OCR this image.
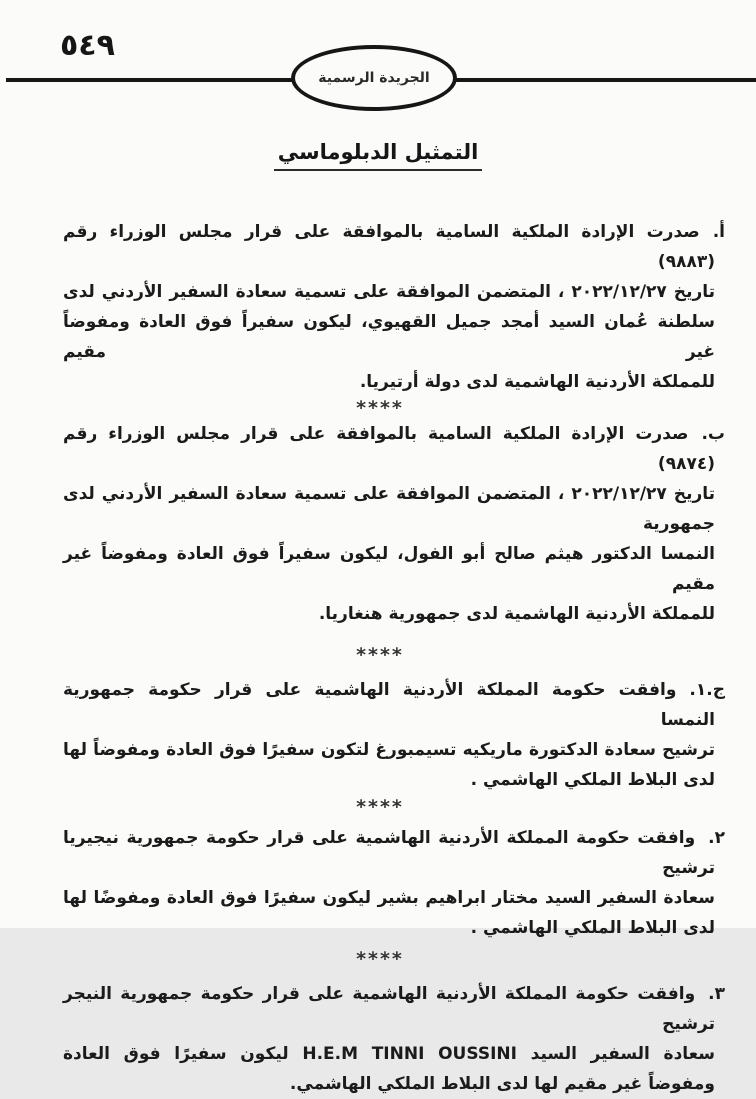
٥٤٩
الجريدة الرسمية
التمثيل الدبلوماسي
أ.صدرت الإرادة الملكية السامية بالموافقة على قرار مجلس الوزراء رقم (٩٨٨٣)
تاريخ ٢٠٢٢/١٢/٢٧ ، المتضمن الموافقة على تسمية سعادة السفير الأردني لدى
سلطنة عُمان السيد أمجد جميل القهيوي، ليكون سفيراً فوق العادة ومفوضاً غير مقيم
للمملكة الأردنية الهاشمية لدى دولة أرتيريا.
****
ب.صدرت الإرادة الملكية السامية بالموافقة على قرار مجلس الوزراء رقم (٩٨٧٤)
تاريخ ٢٠٢٢/١٢/٢٧ ، المتضمن الموافقة على تسمية سعادة السفير الأردني لدى جمهورية
النمسا الدكتور هيثم صالح أبو الفول، ليكون سفيراً فوق العادة ومفوضاً غير مقيم
للمملكة الأردنية الهاشمية لدى جمهورية هنغاريا.
****
ج.١.وافقت حكومة المملكة الأردنية الهاشمية على قرار حكومة جمهورية النمسا
ترشيح سعادة الدكتورة ماريكيه تسيمبورغ لتكون سفيرًا فوق العادة ومفوضاً لها
لدى البلاط الملكي الهاشمي .
****
٢.وافقت حكومة المملكة الأردنية الهاشمية على قرار حكومة جمهورية نيجيريا ترشيح
سعادة السفير السيد مختار ابراهيم بشير ليكون سفيرًا فوق العادة ومفوضًا لها
لدى البلاط الملكي الهاشمي .
****
٣.وافقت حكومة المملكة الأردنية الهاشمية على قرار حكومة جمهورية النيجر ترشيح
سعادة السفير السيد H.E.M TINNI OUSSINI ليكون سفيرًا فوق العادة
ومفوضاً غير مقيم لها لدى البلاط الملكي الهاشمي.
